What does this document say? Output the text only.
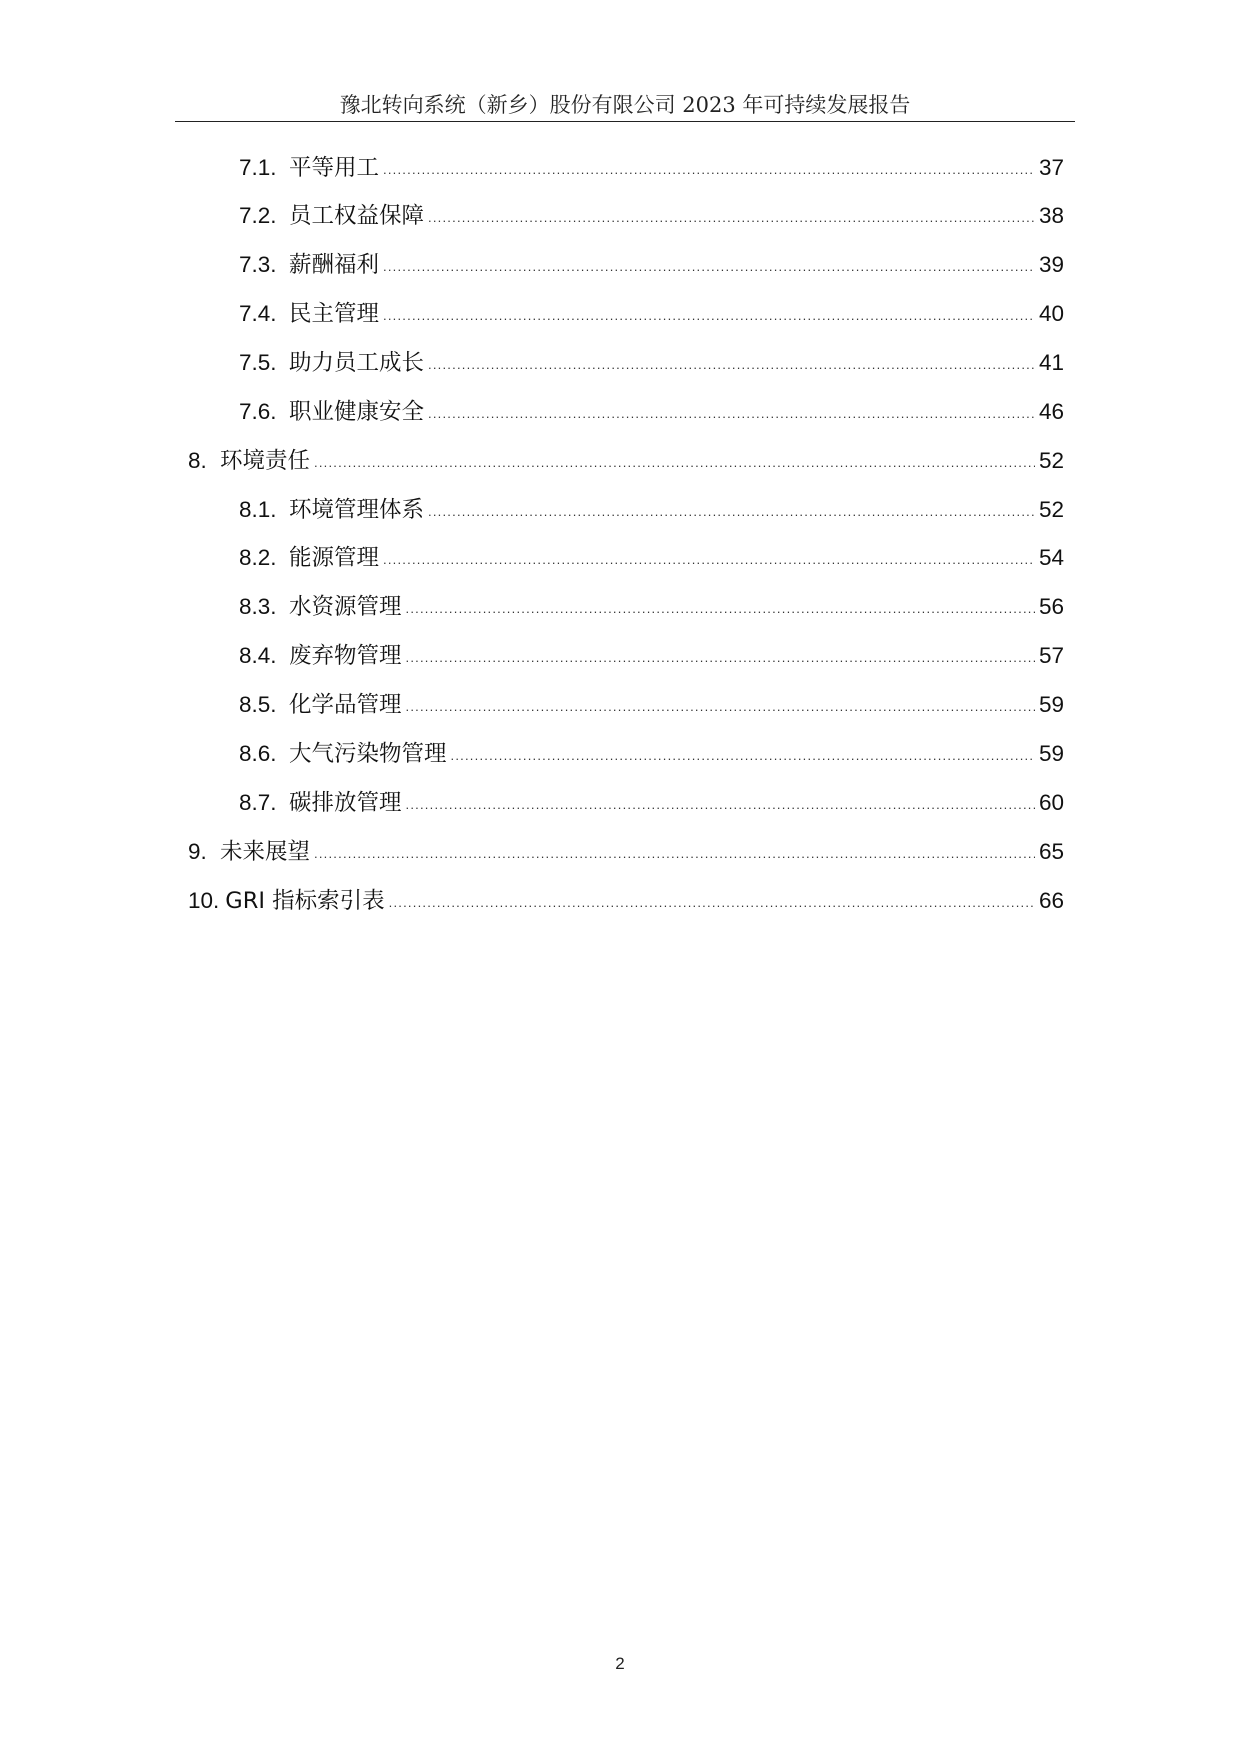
豫北转向系统（新乡）股份有限公司 2023 年可持续发展报告
7.1. 平等用工 . . .	37
7.2. 员工权益保障 . . .	38
7.3. 薪酬福利 . . .	39
7.4. 民主管理 . . .	40
7.5. 助力员工成长 . . .	41
7.6. 职业健康安全 . . .	46
8. 环境责任 . . .	52
8.1. 环境管理体系 . . .	52
8.2. 能源管理 . . .	54
8.3. 水资源管理 . . .	56
8.4. 废弃物管理 . . .	57
8.5. 化学品管理 . . .	59
8.6. 大气污染物管理 . . .	59
8.7. 碳排放管理 . . .	60
9. 未来展望 . . .	65
10. GRI 指标索引表 . . .	66
2
